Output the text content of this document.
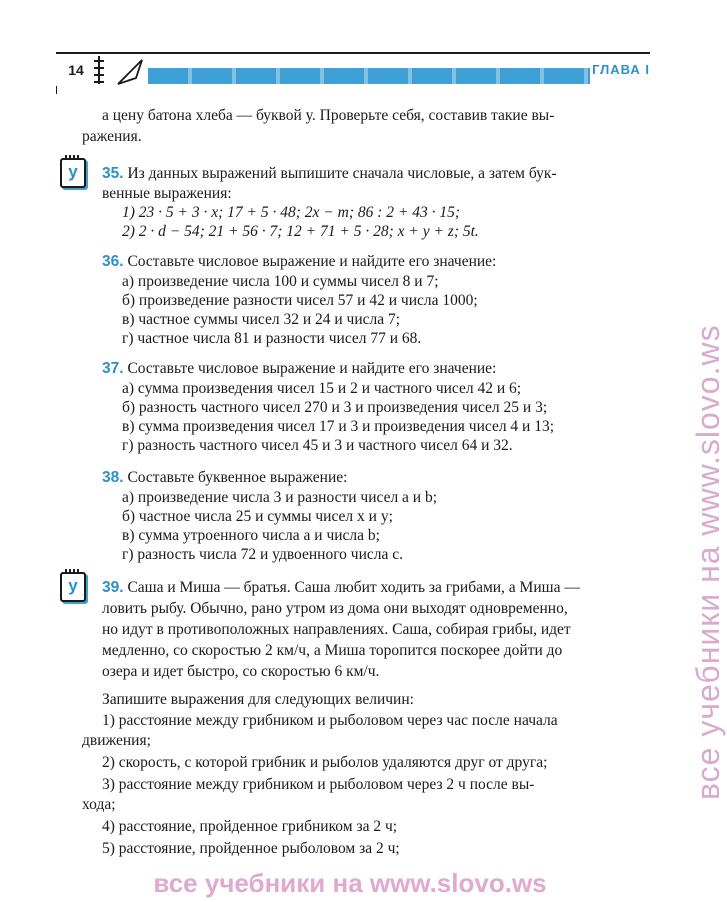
14	ГЛАВА I
а цену батона хлеба — буквой у. Проверьте себя, составив такие вы-
ражения.
у	35. Из данных выражений выпишите сначала числовые, а затем бук-
венные выражения:
1) 23 · 5 + 3 · x; 17 + 5 · 48; 2x − m; 86 : 2 + 43 · 15;
2) 2 · d − 54; 21 + 56 · 7; 12 + 71 + 5 · 28; x + y + z; 5t.
36. Составьте числовое выражение и найдите его значение:
а) произведение числа 100 и суммы чисел 8 и 7;
б) произведение разности чисел 57 и 42 и числа 1000;
в) частное суммы чисел 32 и 24 и числа 7;
г) частное числа 81 и разности чисел 77 и 68.
37. Составьте числовое выражение и найдите его значение:
а) сумма произведения чисел 15 и 2 и частного чисел 42 и 6;
б) разность частного чисел 270 и 3 и произведения чисел 25 и 3;
в) сумма произведения чисел 17 и 3 и произведения чисел 4 и 13;
г) разность частного чисел 45 и 3 и частного чисел 64 и 32.
38. Составьте буквенное выражение:
а) произведение числа 3 и разности чисел a и b;
б) частное числа 25 и суммы чисел x и y;
в) сумма утроенного числа a и числа b;
г) разность числа 72 и удвоенного числа c.
у	39. Саша и Миша — братья. Саша любит ходить за грибами, а Миша —
ловить рыбу. Обычно, рано утром из дома они выходят одновременно,
но идут в противоположных направлениях. Саша, собирая грибы, идет
медленно, со скоростью 2 км/ч, а Миша торопится поскорее дойти до
озера и идет быстро, со скоростью 6 км/ч.
Запишите выражения для следующих величин:
1) расстояние между грибником и рыболовом через час после начала
движения;
2) скорость, с которой грибник и рыболов удаляются друг от друга;
3) расстояние между грибником и рыболовом через 2 ч после вы-
хода;
4) расстояние, пройденное грибником за 2 ч;
5) расстояние, пройденное рыболовом за 2 ч;
все учебники на www.slovo.ws
все учебники на www.slovo.ws
